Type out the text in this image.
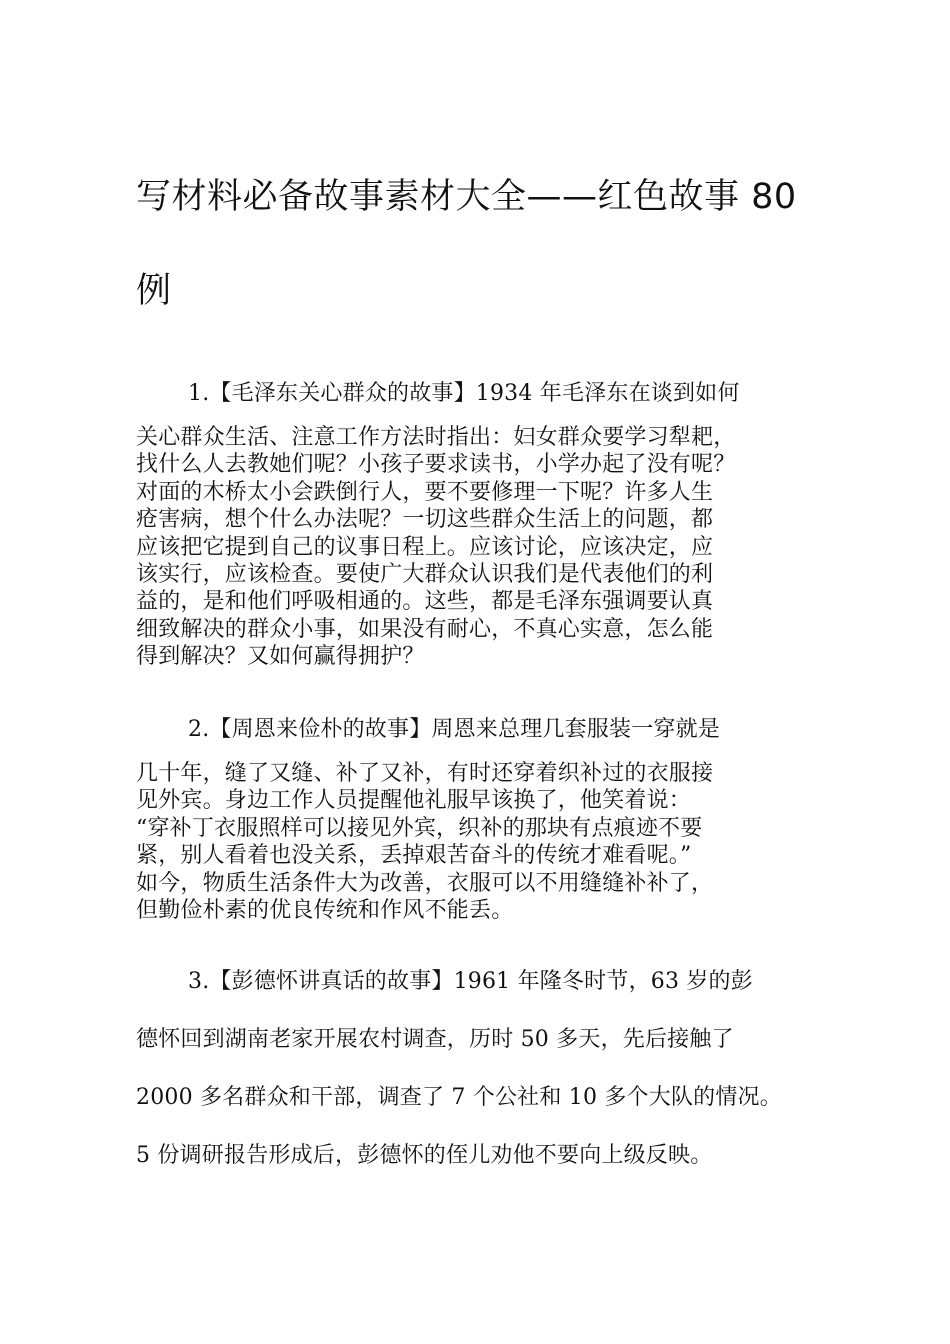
写材料必备故事素材大全——红色故事 80 例

1.【毛泽东关心群众的故事】1934 年毛泽东在谈到如何

关心群众生活、注意工作方法时指出：妇女群众要学习犁耙，
找什么人去教她们呢？小孩子要求读书，小学办起了没有呢？
对面的木桥太小会跌倒行人，要不要修理一下呢？许多人生
疮害病，想个什么办法呢？一切这些群众生活上的问题，都
应该把它提到自己的议事日程上。应该讨论，应该决定，应
该实行，应该检查。要使广大群众认识我们是代表他们的利
益的，是和他们呼吸相通的。这些，都是毛泽东强调要认真
细致解决的群众小事，如果没有耐心，不真心实意，怎么能
得到解决？又如何赢得拥护？

2.【周恩来俭朴的故事】周恩来总理几套服装一穿就是

几十年，缝了又缝、补了又补，有时还穿着织补过的衣服接
见外宾。身边工作人员提醒他礼服早该换了，他笑着说：
“穿补丁衣服照样可以接见外宾，织补的那块有点痕迹不要
紧，别人看着也没关系，丢掉艰苦奋斗的传统才难看呢。”
如今，物质生活条件大为改善，衣服可以不用缝缝补补了，
但勤俭朴素的优良传统和作风不能丢。

3.【彭德怀讲真话的故事】1961 年隆冬时节，63 岁的彭

德怀回到湖南老家开展农村调查，历时 50 多天，先后接触了

2000 多名群众和干部，调查了 7 个公社和 10 多个大队的情况。

5 份调研报告形成后，彭德怀的侄儿劝他不要向上级反映。
